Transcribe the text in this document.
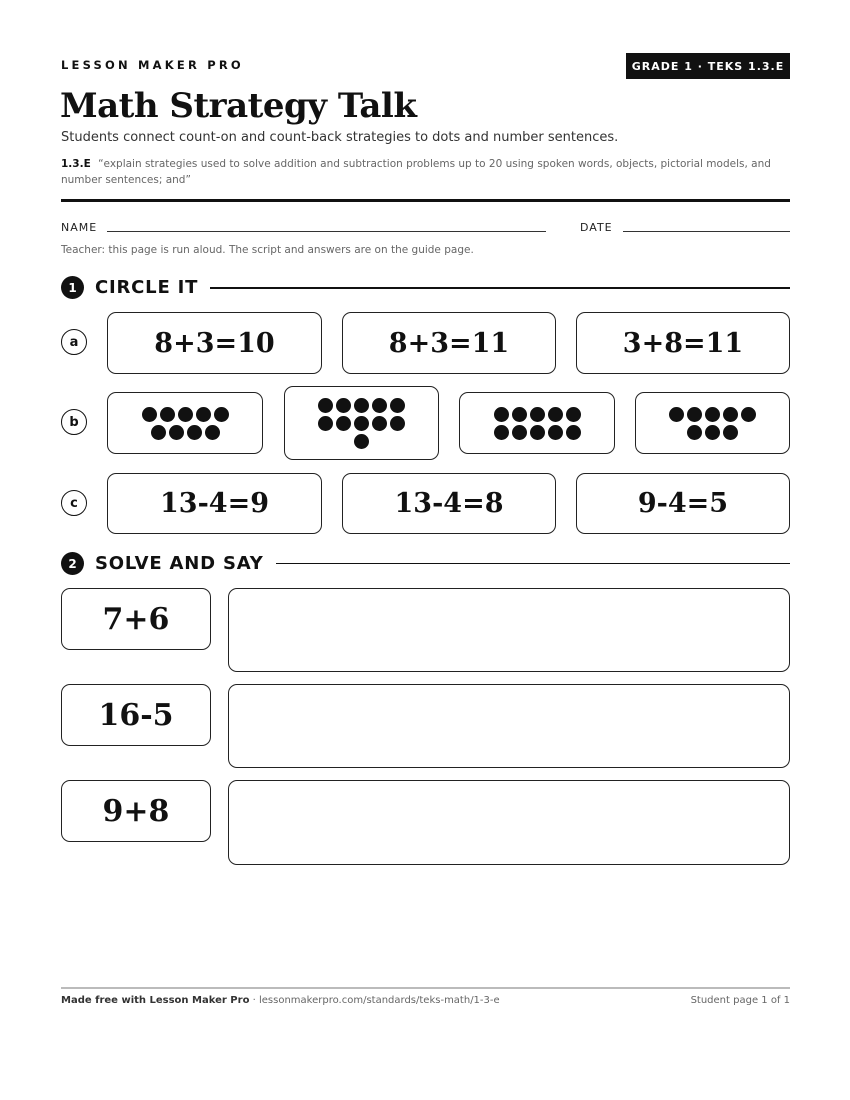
LESSON MAKER PRO	GRADE 1 · TEKS 1.3.E
Math Strategy Talk
Students connect count-on and count-back strategies to dots and number sentences.
1.3.E “explain strategies used to solve addition and subtraction problems up to 20 using spoken words, objects, pictorial models, and number sentences; and”
NAME	DATE
Teacher: this page is run aloud. The script and answers are on the guide page.
1	CIRCLE IT
a	8+3=10	8+3=11	3+8=11
b
c	13-4=9	13-4=8	9-4=5
2	SOLVE AND SAY
7+6
16-5
9+8
Made free with Lesson Maker Pro · lessonmakerpro.com/standards/teks-math/1-3-e	Student page 1 of 1
